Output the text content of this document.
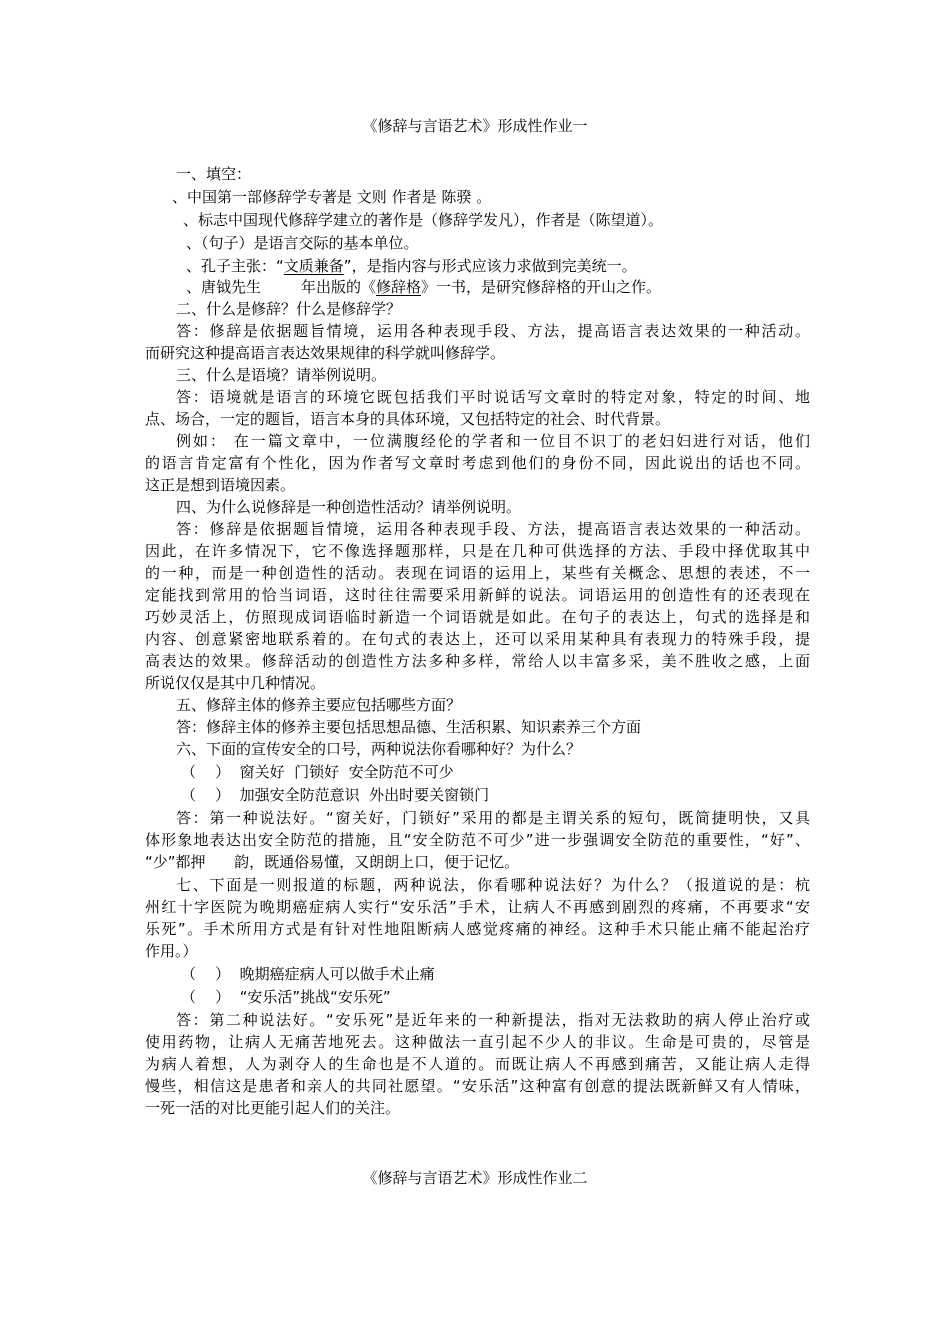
《修辞与言语艺术》形成性作业一
一、填空：
、中国第一部修辞学专著是 文则 作者是 陈骙 。
、标志中国现代修辞学建立的著作是（修辞学发凡），作者是（陈望道）。
、（句子）是语言交际的基本单位。
、孔子主张：“文质兼备”，是指内容与形式应该力求做到完美统一。
、唐钺先生	年出版的《修辞格》一书，是研究修辞格的开山之作。
二、什么是修辞？什么是修辞学？
答：修辞是依据题旨情境，运用各种表现手段、方法，提高语言表达效果的一种活动。
而研究这种提高语言表达效果规律的科学就叫修辞学。
三、什么是语境？请举例说明。
答：语境就是语言的环境它既包括我们平时说话写文章时的特定对象，特定的时间、地
点、场合，一定的题旨，语言本身的具体环境，又包括特定的社会、时代背景。
例如： 在一篇文章中，一位满腹经伦的学者和一位目不识丁的老妇妇进行对话，他们
的语言肯定富有个性化，因为作者写文章时考虑到他们的身份不同，因此说出的话也不同。
这正是想到语境因素。
四、为什么说修辞是一种创造性活动？请举例说明。
答：修辞是依据题旨情境，运用各种表现手段、方法，提高语言表达效果的一种活动。
因此，在许多情况下，它不像选择题那样，只是在几种可供选择的方法、手段中择优取其中
的一种，而是一种创造性的活动。表现在词语的运用上，某些有关概念、思想的表述，不一
定能找到常用的恰当词语，这时往往需要采用新鲜的说法。词语运用的创造性有的还表现在
巧妙灵活上，仿照现成词语临时新造一个词语就是如此。在句子的表达上，句式的选择是和
内容、创意紧密地联系着的。在句式的表达上，还可以采用某种具有表现力的特殊手段，提
高表达的效果。修辞活动的创造性方法多种多样，常给人以丰富多采，美不胜收之感，上面
所说仅仅是其中几种情况。
五、修辞主体的修养主要应包括哪些方面？
答：修辞主体的修养主要包括思想品德、生活积累、知识素养三个方面
六、下面的宣传安全的口号，两种说法你看哪种好？为什么？
（    ）  窗关好  门锁好  安全防范不可少
（    ）  加强安全防范意识  外出时要关窗锁门
答：第一种说法好。“窗关好，门锁好”采用的都是主谓关系的短句，既简捷明快，又具
体形象地表达出安全防范的措施，且“安全防范不可少”进一步强调安全防范的重要性，“好”、
“少”都押      韵，既通俗易懂，又朗朗上口，便于记忆。
七、下面是一则报道的标题，两种说法，你看哪种说法好？为什么？（报道说的是：杭
州红十字医院为晚期癌症病人实行“安乐活”手术，让病人不再感到剧烈的疼痛，不再要求“安
乐死”。手术所用方式是有针对性地阻断病人感觉疼痛的神经。这种手术只能止痛不能起治疗
作用。）
（    ）  晚期癌症病人可以做手术止痛
（    ）  “安乐活”挑战“安乐死”
答：第二种说法好。“安乐死”是近年来的一种新提法，指对无法救助的病人停止治疗或
使用药物，让病人无痛苦地死去。这种做法一直引起不少人的非议。生命是可贵的，尽管是
为病人着想，人为剥夺人的生命也是不人道的。而既让病人不再感到痛苦，又能让病人走得
慢些，相信这是患者和亲人的共同社愿望。“安乐活”这种富有创意的提法既新鲜又有人情味，
一死一活的对比更能引起人们的关注。
《修辞与言语艺术》形成性作业二
